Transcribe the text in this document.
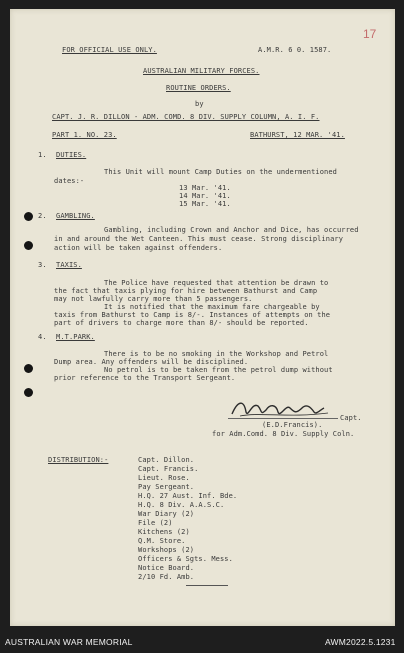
FOR OFFICIAL USE ONLY.	A.M.R. 6 0. 1587.
17
AUSTRALIAN MILITARY FORCES.
ROUTINE ORDERS.
by
CAPT. J. R. DILLON - ADM. COMD. 8 DIV. SUPPLY COLUMN, A. I. F.
PART 1. NO. 23.	BATHURST, 12 MAR. '41.
1. DUTIES.
This Unit will mount Camp Duties on the undermentioned
dates:-
13 Mar. '41.
14 Mar. '41.
15 Mar. '41.
2. GAMBLING.
Gambling, including Crown and Anchor and Dice, has occurred
in and around the Wet Canteen. This must cease. Strong disciplinary
action will be taken against offenders.
3. TAXIS.
The Police have requested that attention be drawn to
the fact that taxis plying for hire between Bathurst and Camp
may not lawfully carry more than 5 passengers.
It is notified that the maximum fare chargeable by
taxis from Bathurst to Camp is 8/-. Instances of attempts on the
part of drivers to charge more than 8/- should be reported.
4. M.T.PARK.
There is to be no smoking in the Workshop and Petrol
Dump area. Any offenders will be disciplined.
No petrol is to be taken from the petrol dump without
prior reference to the Transport Sergeant.
Capt.
(E.D.Francis).
for Adm.Comd. 8 Div. Supply Coln.
DISTRIBUTION:-	Capt. Dillon.
Capt. Francis.
Lieut. Rose.
Pay Sergeant.
H.Q. 27 Aust. Inf. Bde.
H.Q. 8 Div. A.A.S.C.
War Diary (2)
File (2)
Kitchens (2)
Q.M. Store.
Workshops (2)
Officers & Sgts. Mess.
Notice Board.
2/10 Fd. Amb.
AUSTRALIAN WAR MEMORIAL	AWM2022.5.1231
